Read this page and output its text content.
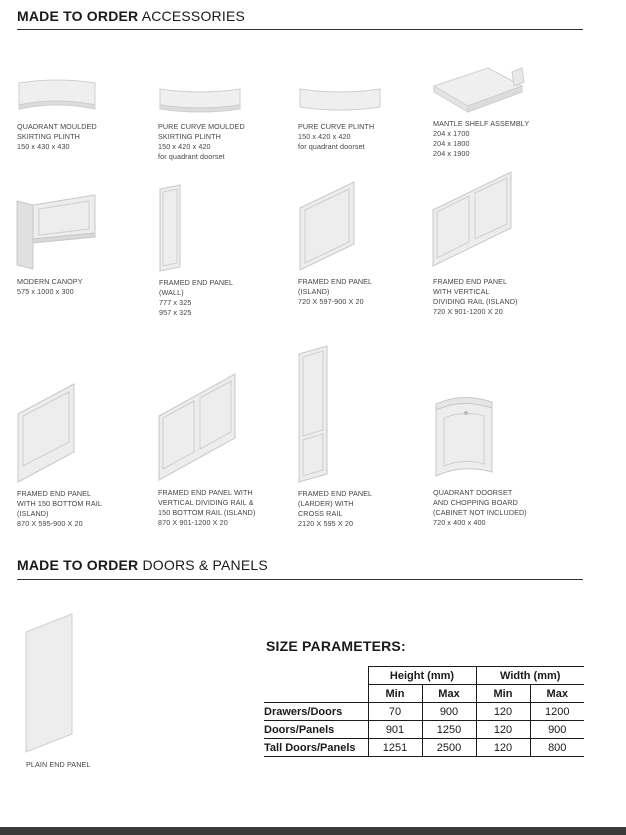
MADE TO ORDER ACCESSORIES
QUADRANT MOULDED
SKIRTING PLINTH
150 x 430 x 430
PURE CURVE MOULDED
SKIRTING PLINTH
150 x 420 x 420
for quadrant doorset
PURE CURVE PLINTH
150 x 420 x 420
for quadrant doorset
MANTLE SHELF ASSEMBLY
204 x 1700
204 x 1800
204 x 1900
MODERN CANOPY
575 x 1000 x 300
FRAMED END PANEL
(WALL)
777 x 325
957 x 325
FRAMED END PANEL
(ISLAND)
720 X 597-900 X 20
FRAMED END PANEL
WITH VERTICAL
DIVIDING RAIL (ISLAND)
720 X 901-1200 X 20
FRAMED END PANEL
WITH 150 BOTTOM RAIL
(ISLAND)
870 X 595-900 X 20
FRAMED END PANEL WITH
VERTICAL DIVIDING RAIL &
150 BOTTOM RAIL (ISLAND)
870 X 901-1200 X 20
FRAMED END PANEL
(LARDER) WITH
CROSS RAIL
2120 X 595 X 20
QUADRANT DOORSET
AND CHOPPING BOARD
(CABINET NOT INCLUDED)
720 x 400 x 400
MADE TO ORDER DOORS & PANELS
PLAIN END PANEL
SIZE PARAMETERS:
	Height (mm)		Width (mm)	
	Min	Max	Min	Max
Drawers/Doors	70	900	120	1200
Doors/Panels	901	1250	120	900
Tall Doors/Panels	1251	2500	120	800
